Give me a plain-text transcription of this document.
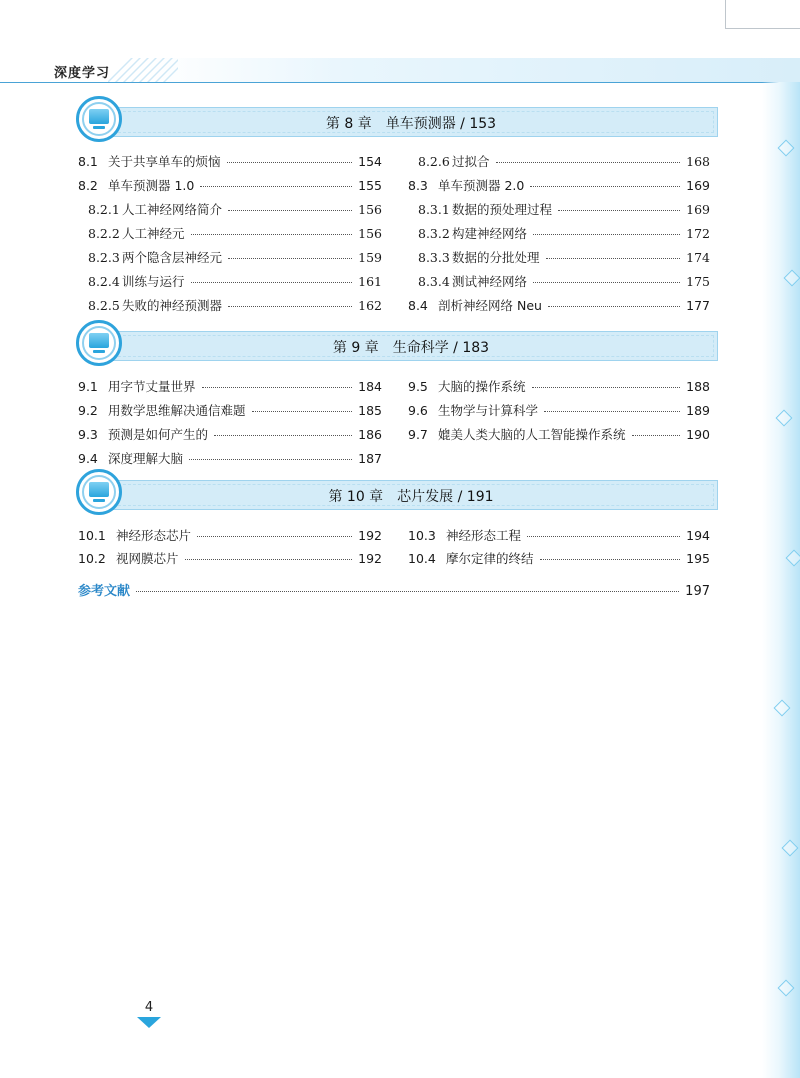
深度学习
第 8 章　单车预测器 / 153
第 9 章　生命科学 / 183
第 10 章　芯片发展 / 191
8.1 关于共享单车的烦恼	154
8.2 单车预测器 1.0	155
8.2.1 人工神经网络简介	156
8.2.2 人工神经元	156
8.2.3 两个隐含层神经元	159
8.2.4 训练与运行	161
8.2.5 失败的神经预测器	162
8.2.6 过拟合	168
8.3 单车预测器 2.0	169
8.3.1 数据的预处理过程	169
8.3.2 构建神经网络	172
8.3.3 数据的分批处理	174
8.3.4 测试神经网络	175
8.4 剖析神经网络 Neu	177
9.1 用字节丈量世界	184
9.2 用数学思维解决通信难题	185
9.3 预测是如何产生的	186
9.4 深度理解大脑	187
9.5 大脑的操作系统	188
9.6 生物学与计算科学	189
9.7 媲美人类大脑的人工智能操作系统	190
10.1 神经形态芯片	192
10.2 视网膜芯片	192
10.3 神经形态工程	194
10.4 摩尔定律的终结	195
参考文献	197
4
